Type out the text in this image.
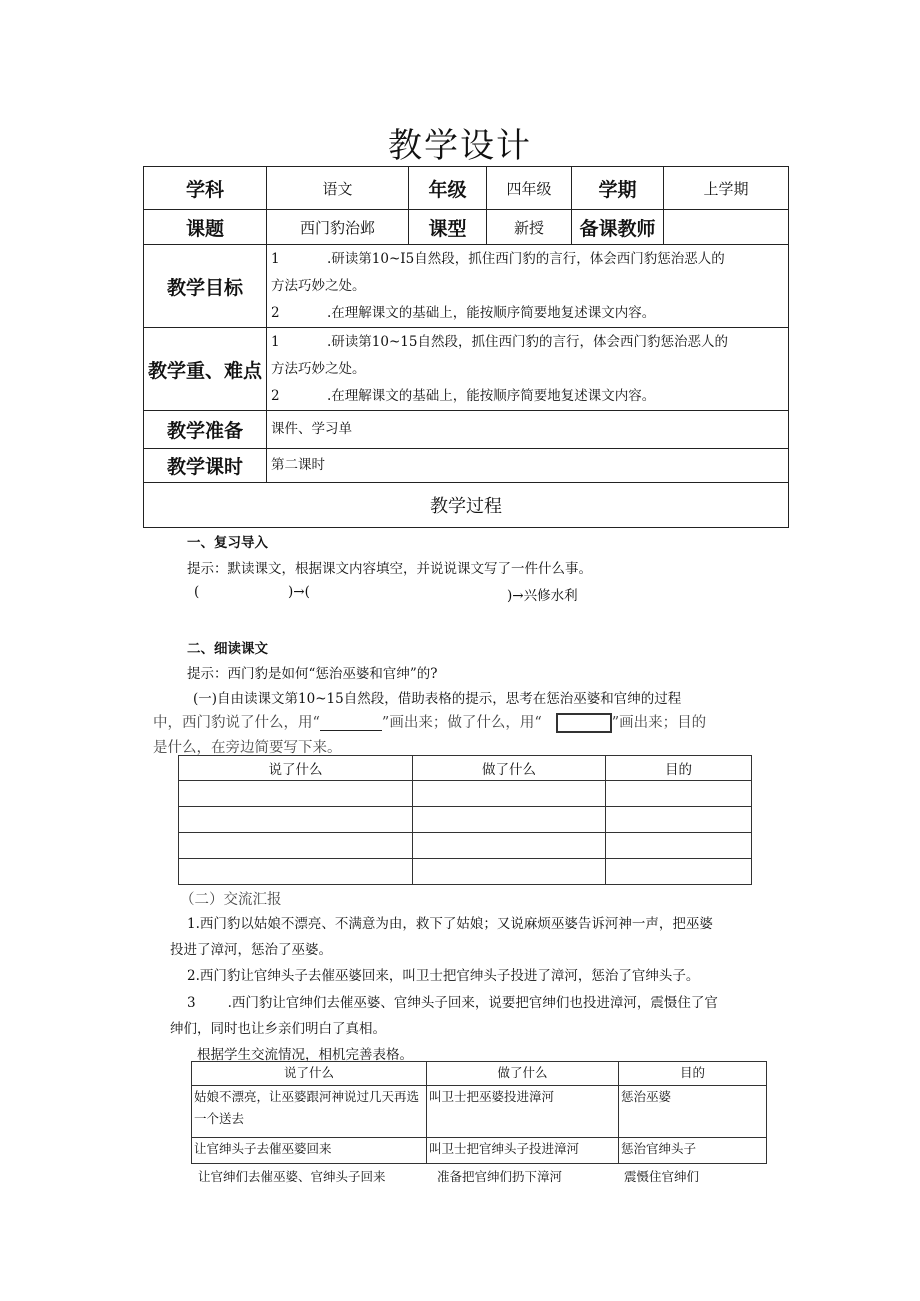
教学设计
学科	语文	年级	四年级	学期	上学期
课题	西门豹治邺	课型	新授	备课教师	
教学目标	1 .研读第10~I5自然段，抓住西门豹的言行，体会西门豹惩治恶人的
方法巧妙之处。
2 .在理解课文的基础上，能按顺序简要地复述课文内容。				

教学重、难点	1 .研读第10~15自然段，抓住西门豹的言行，体会西门豹惩治恶人的
方法巧妙之处。
2 .在理解课文的基础上，能按顺序简要地复述课文内容。				

教学准备	课件、学习单				
教学课时	第二课时				
教学过程					
一、复习导入
提示：默读课文，根据课文内容填空，并说说课文写了一件什么事。
(	)→(	)→兴修水利
二、细读课文
提示：西门豹是如何“惩治巫婆和官绅”的?
(一)自由读课文第10~15自然段，借助表格的提示，思考在惩治巫婆和官绅的过程
中，西门豹说了什么，用“	”画出来；做了什么，用“	”画出来；目的
是什么，在旁边简要写下来。
说了什么	做了什么	目的

（二）交流汇报
1.西门豹以姑娘不漂亮、不满意为由，救下了姑娘；又说麻烦巫婆告诉河神一声，把巫婆
投进了漳河，惩治了巫婆。
2.西门豹让官绅头子去催巫婆回来，叫卫士把官绅头子投进了漳河，惩治了官绅头子。
3 .西门豹让官绅们去催巫婆、官绅头子回来，说要把官绅们也投进漳河，震慑住了官
绅们，同时也让乡亲们明白了真相。
根据学生交流情况，相机完善表格。
说了什么	做了什么	目的
姑娘不漂亮，让巫婆跟河神说过几天再选一个送去	叫卫士把巫婆投进漳河	惩治巫婆
让官绅头子去催巫婆回来	叫卫士把官绅头子投进漳河	惩治官绅头子
让官绅们去催巫婆、官绅头子回来	准备把官绅们扔下漳河	震慑住官绅们
